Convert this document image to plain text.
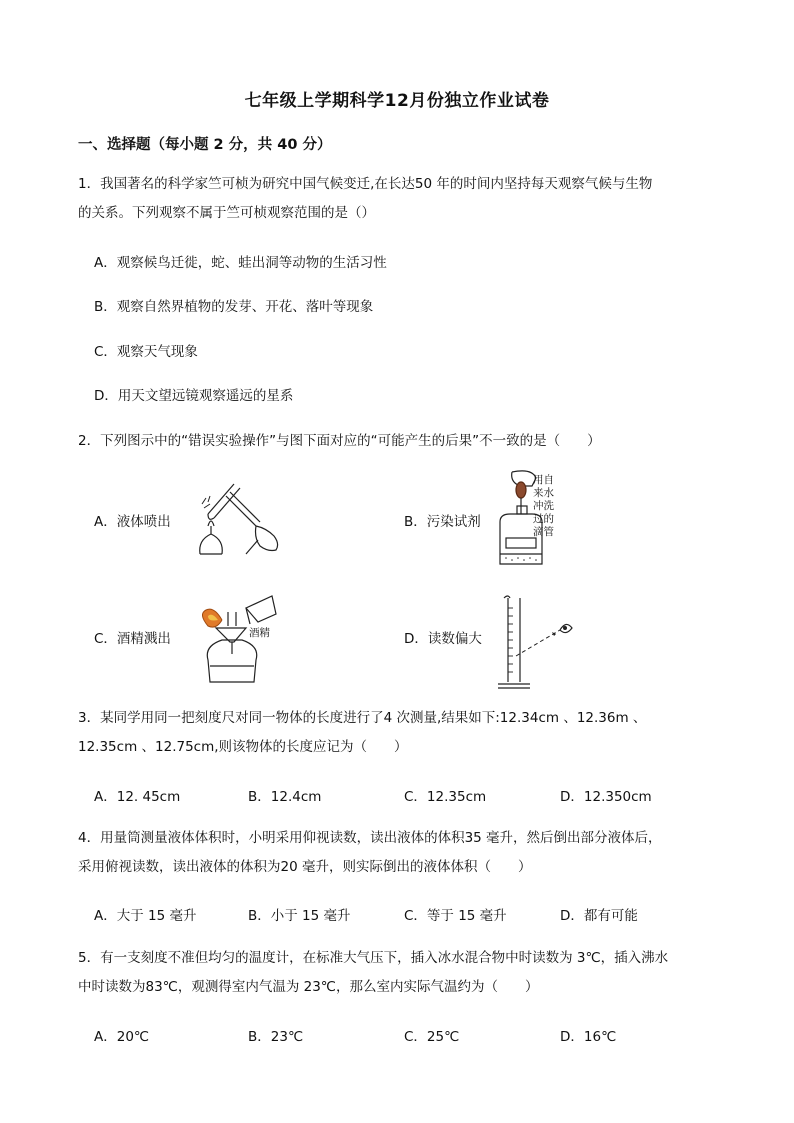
七年级上学期科学12月份独立作业试卷
一、选择题（每小题 2 分，共 40 分）
1．我国著名的科学家竺可桢为研究中国气候变迁,在长达50 年的时间内坚持每天观察气候与生物
的关系。下列观察不属于竺可桢观察范围的是（）
A．观察候鸟迁徙，蛇、蛙出洞等动物的生活习性
B．观察自然界植物的发芽、开花、落叶等现象
C．观察天气现象
D．用天文望远镜观察遥远的星系
2．下列图示中的“错误实验操作”与图下面对应的“可能产生的后果”不一致的是（　　）
A．液体喷出	B．污染试剂
C．酒精溅出	D．读数偏大
用自
来水
冲洗
过的
滴管
酒精
3．某同学用同一把刻度尺对同一物体的长度进行了4 次测量,结果如下:12.34cm 、12.36m 、
12.35cm 、12.75cm,则该物体的长度应记为（　　）
A．12. 45cm	B．12.4cm	C．12.35cm	D．12.350cm
4．用量筒测量液体体积时，小明采用仰视读数，读出液体的体积35 毫升，然后倒出部分液体后，
采用俯视读数，读出液体的体积为20 毫升，则实际倒出的液体体积（　　）
A．大于 15 毫升	B．小于 15 毫升	C．等于 15 毫升	D．都有可能
5．有一支刻度不准但均匀的温度计，在标准大气压下，插入冰水混合物中时读数为 3℃，插入沸水
中时读数为83℃，观测得室内气温为 23℃，那么室内实际气温约为（　　）
A．20℃	B．23℃	C．25℃	D．16℃
